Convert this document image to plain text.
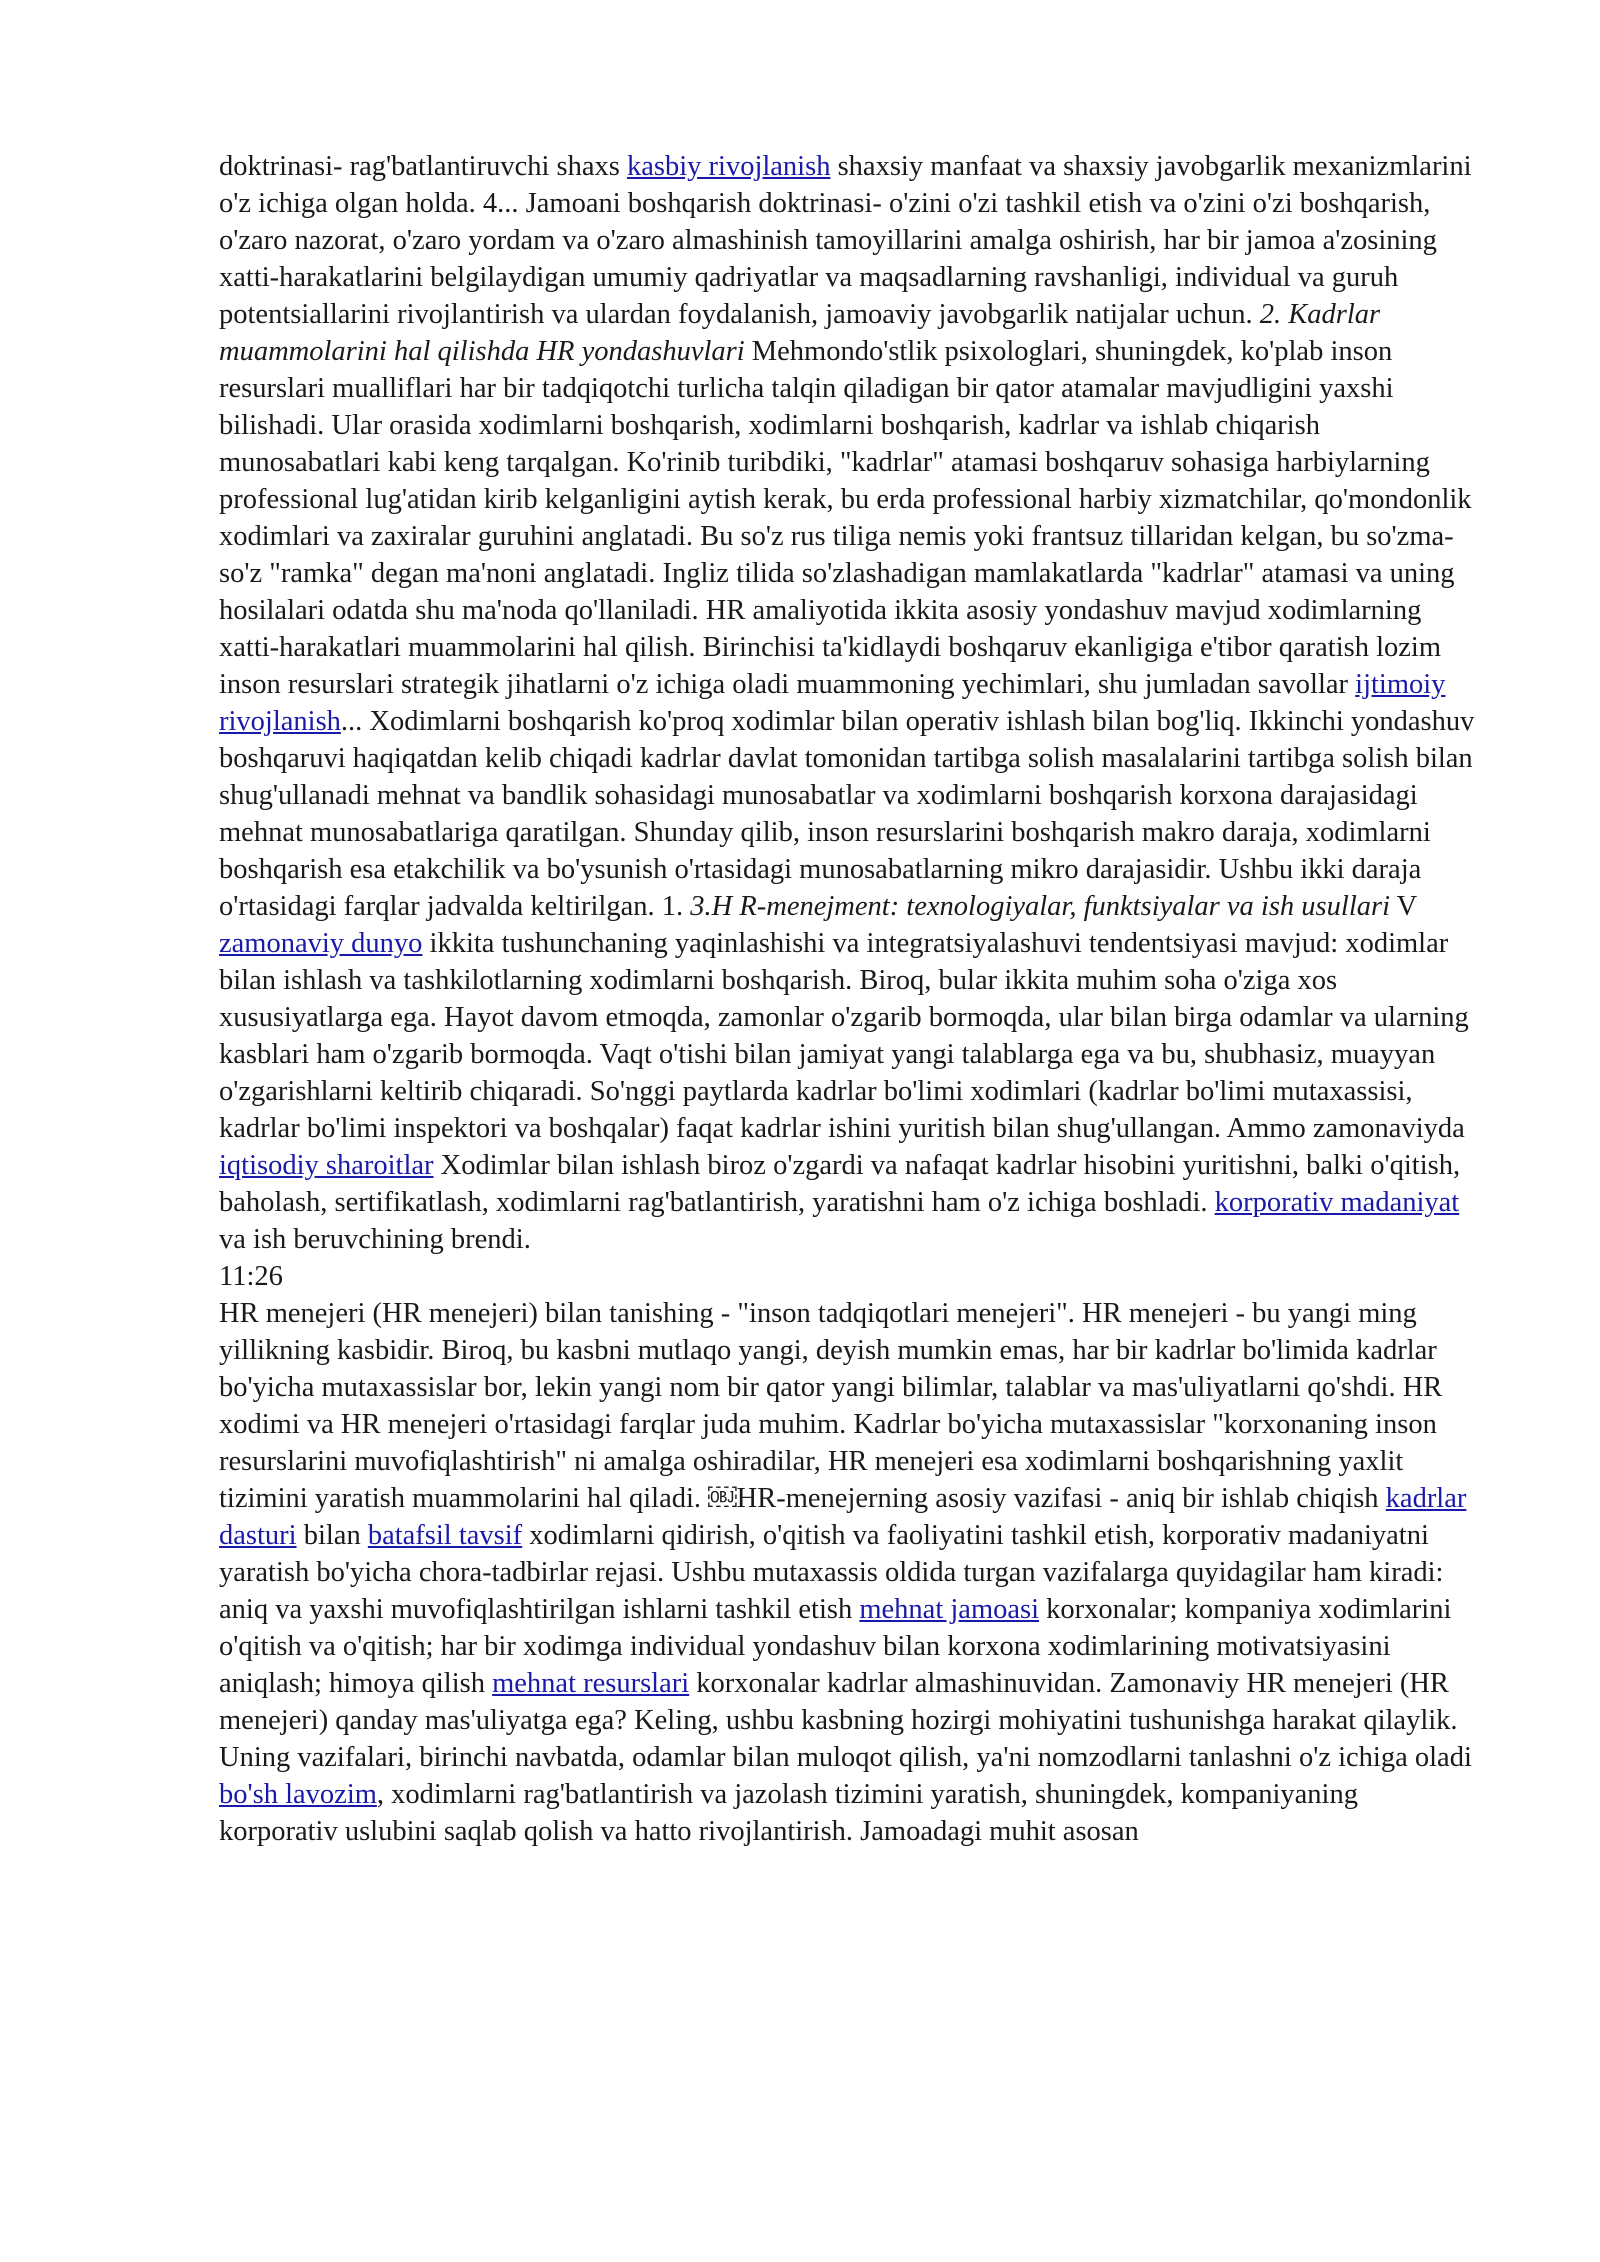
doktrinasi- rag'batlantiruvchi shaxs kasbiy rivojlanish shaxsiy manfaat va shaxsiy javobgarlik mexanizmlarini o'z ichiga olgan holda. 4... Jamoani boshqarish doktrinasi- o'zini o'zi tashkil etish va o'zini o'zi boshqarish, o'zaro nazorat, o'zaro yordam va o'zaro almashinish tamoyillarini amalga oshirish, har bir jamoa a'zosining xatti-harakatlarini belgilaydigan umumiy qadriyatlar va maqsadlarning ravshanligi, individual va guruh potentsiallarini rivojlantirish va ulardan foydalanish, jamoaviy javobgarlik natijalar uchun. 2. Kadrlar muammolarini hal qilishda HR yondashuvlari Mehmondo'stlik psixologlari, shuningdek, ko'plab inson resurslari mualliflari har bir tadqiqotchi turlicha talqin qiladigan bir qator atamalar mavjudligini yaxshi bilishadi. Ular orasida xodimlarni boshqarish, xodimlarni boshqarish, kadrlar va ishlab chiqarish munosabatlari kabi keng tarqalgan. Ko'rinib turibdiki, "kadrlar" atamasi boshqaruv sohasiga harbiylarning professional lug'atidan kirib kelganligini aytish kerak, bu erda professional harbiy xizmatchilar, qo'mondonlik xodimlari va zaxiralar guruhini anglatadi. Bu so'z rus tiliga nemis yoki frantsuz tillaridan kelgan, bu so'zma-so'z "ramka" degan ma'noni anglatadi. Ingliz tilida so'zlashadigan mamlakatlarda "kadrlar" atamasi va uning hosilalari odatda shu ma'noda qo'llaniladi. HR amaliyotida ikkita asosiy yondashuv mavjud xodimlarning xatti-harakatlari muammolarini hal qilish. Birinchisi ta'kidlaydi boshqaruv ekanligiga e'tibor qaratish lozim inson resurslari strategik jihatlarni o'z ichiga oladi muammoning yechimlari, shu jumladan savollar ijtimoiy rivojlanish... Xodimlarni boshqarish ko'proq xodimlar bilan operativ ishlash bilan bog'liq. Ikkinchi yondashuv boshqaruvi haqiqatdan kelib chiqadi kadrlar davlat tomonidan tartibga solish masalalarini tartibga solish bilan shug'ullanadi mehnat va bandlik sohasidagi munosabatlar va xodimlarni boshqarish korxona darajasidagi mehnat munosabatlariga qaratilgan. Shunday qilib, inson resurslarini boshqarish makro daraja, xodimlarni boshqarish esa etakchilik va bo'ysunish o'rtasidagi munosabatlarning mikro darajasidir. Ushbu ikki daraja o'rtasidagi farqlar jadvalda keltirilgan. 1. 3.H R-menejment: texnologiyalar, funktsiyalar va ish usullari V zamonaviy dunyo ikkita tushunchaning yaqinlashishi va integratsiyalashuvi tendentsiyasi mavjud: xodimlar bilan ishlash va tashkilotlarning xodimlarni boshqarish. Biroq, bular ikkita muhim soha o'ziga xos xususiyatlarga ega. Hayot davom etmoqda, zamonlar o'zgarib bormoqda, ular bilan birga odamlar va ularning kasblari ham o'zgarib bormoqda. Vaqt o'tishi bilan jamiyat yangi talablarga ega va bu, shubhasiz, muayyan o'zgarishlarni keltirib chiqaradi. So'nggi paytlarda kadrlar bo'limi xodimlari (kadrlar bo'limi mutaxassisi, kadrlar bo'limi inspektori va boshqalar) faqat kadrlar ishini yuritish bilan shug'ullangan. Ammo zamonaviyda iqtisodiy sharoitlar Xodimlar bilan ishlash biroz o'zgardi va nafaqat kadrlar hisobini yuritishni, balki o'qitish, baholash, sertifikatlash, xodimlarni rag'batlantirish, yaratishni ham o'z ichiga boshladi. korporativ madaniyat va ish beruvchining brendi.

11:26

HR menejeri (HR menejeri) bilan tanishing - "inson tadqiqotlari menejeri". HR menejeri - bu yangi ming yillikning kasbidir. Biroq, bu kasbni mutlaqo yangi, deyish mumkin emas, har bir kadrlar bo'limida kadrlar bo'yicha mutaxassislar bor, lekin yangi nom bir qator yangi bilimlar, talablar va mas'uliyatlarni qo'shdi. HR xodimi va HR menejeri o'rtasidagi farqlar juda muhim. Kadrlar bo'yicha mutaxassislar "korxonaning inson resurslarini muvofiqlashtirish" ni amalga oshiradilar, HR menejeri esa xodimlarni boshqarishning yaxlit tizimini yaratish muammolarini hal qiladi. ￼HR-menejerning asosiy vazifasi - aniq bir ishlab chiqish kadrlar dasturi bilan batafsil tavsif xodimlarni qidirish, o'qitish va faoliyatini tashkil etish, korporativ madaniyatni yaratish bo'yicha chora-tadbirlar rejasi. Ushbu mutaxassis oldida turgan vazifalarga quyidagilar ham kiradi: aniq va yaxshi muvofiqlashtirilgan ishlarni tashkil etish mehnat jamoasi korxonalar; kompaniya xodimlarini o'qitish va o'qitish; har bir xodimga individual yondashuv bilan korxona xodimlarining motivatsiyasini aniqlash; himoya qilish mehnat resurslari korxonalar kadrlar almashinuvidan. Zamonaviy HR menejeri (HR menejeri) qanday mas'uliyatga ega? Keling, ushbu kasbning hozirgi mohiyatini tushunishga harakat qilaylik. Uning vazifalari, birinchi navbatda, odamlar bilan muloqot qilish, ya'ni nomzodlarni tanlashni o'z ichiga oladi bo'sh lavozim, xodimlarni rag'batlantirish va jazolash tizimini yaratish, shuningdek, kompaniyaning korporativ uslubini saqlab qolish va hatto rivojlantirish. Jamoadagi muhit asosan
